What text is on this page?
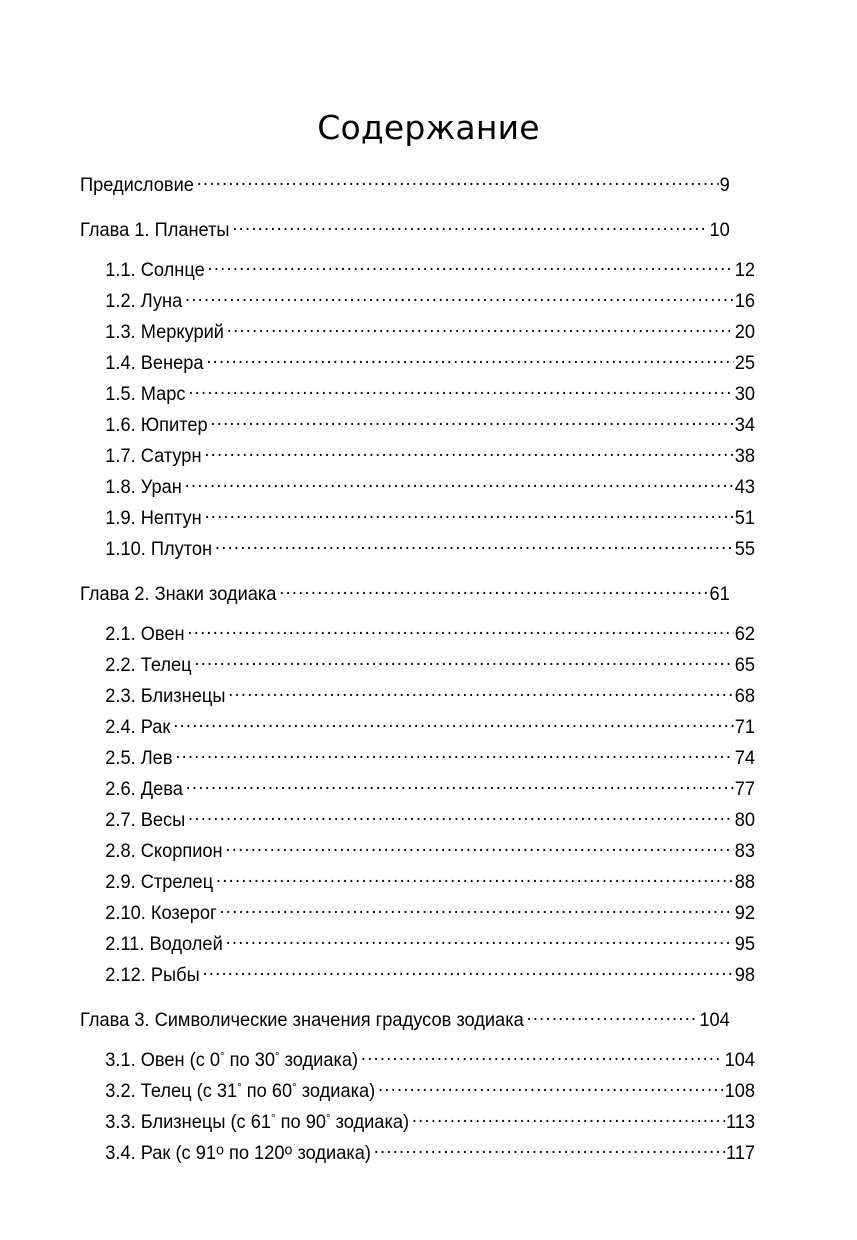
Содержание
Предисловие .....	9
Глава 1. Планеты .....	10
1.1. Солнце .....	12
1.2. Луна .....	16
1.3. Меркурий .....	20
1.4. Венера .....	25
1.5. Марс .....	30
1.6. Юпитер .....	34
1.7. Сатурн .....	38
1.8. Уран .....	43
1.9. Нептун .....	51
1.10. Плутон .....	55
Глава 2. Знаки зодиака .....	61
2.1. Овен .....	62
2.2. Телец .....	65
2.3. Близнецы .....	68
2.4. Рак .....	71
2.5. Лев .....	74
2.6. Дева .....	77
2.7. Весы .....	80
2.8. Скорпион .....	83
2.9. Стрелец .....	88
2.10. Козерог .....	92
2.11. Водолей .....	95
2.12. Рыбы .....	98
Глава 3. Символические значения градусов зодиака .....	104
3.1. Овен (с 0° по 30° зодиака) .....	104
3.2. Телец (с 31° по 60° зодиака) .....	108
3.3. Близнецы (с 61° по 90° зодиака) .....	113
3.4. Рак (с $91^о$ по $120^о$ зодиака) .....	117
